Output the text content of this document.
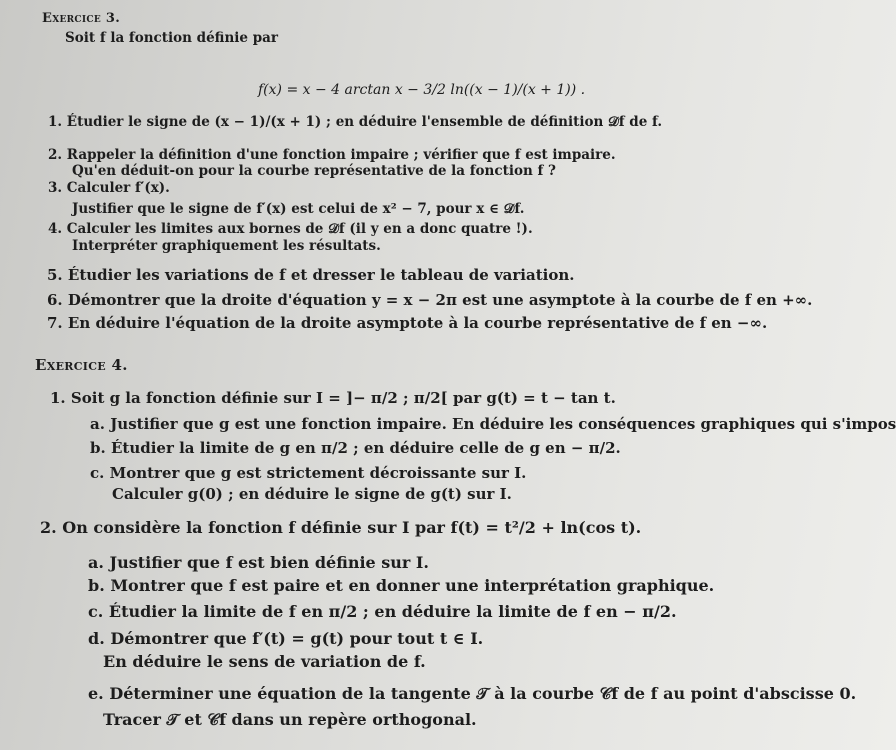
Exercice 3.
Soit f la fonction définie par
f(x) = x − 4 arctan x − 3/2 ln((x − 1)/(x + 1)) .
1. Étudier le signe de (x − 1)/(x + 1) ; en déduire l'ensemble de définition 𝒟f de f.
2. Rappeler la définition d'une fonction impaire ; vérifier que f est impaire.
Qu'en déduit-on pour la courbe représentative de la fonction f ?
3. Calculer f′(x).
Justifier que le signe de f′(x) est celui de x² − 7, pour x ∈ 𝒟f.
4. Calculer les limites aux bornes de 𝒟f (il y en a donc quatre !).
Interpréter graphiquement les résultats.
5. Étudier les variations de f et dresser le tableau de variation.
6. Démontrer que la droite d'équation y = x − 2π est une asymptote à la courbe de f en +∞.
7. En déduire l'équation de la droite asymptote à la courbe représentative de f en −∞.
Exercice 4.
1. Soit g la fonction définie sur I = ]− π/2 ; π/2[ par g(t) = t − tan t.
a. Justifier que g est une fonction impaire. En déduire les conséquences graphiques qui s'impos
b. Étudier la limite de g en π/2 ; en déduire celle de g en − π/2.
c. Montrer que g est strictement décroissante sur I.
Calculer g(0) ; en déduire le signe de g(t) sur I.
2. On considère la fonction f définie sur I par f(t) = t²/2 + ln(cos t).
a. Justifier que f est bien définie sur I.
b. Montrer que f est paire et en donner une interprétation graphique.
c. Étudier la limite de f en π/2 ; en déduire la limite de f en − π/2.
d. Démontrer que f′(t) = g(t) pour tout t ∈ I.
En déduire le sens de variation de f.
e. Déterminer une équation de la tangente 𝒯 à la courbe 𝒞f de f au point d'abscisse 0.
Tracer 𝒯 et 𝒞f dans un repère orthogonal.
